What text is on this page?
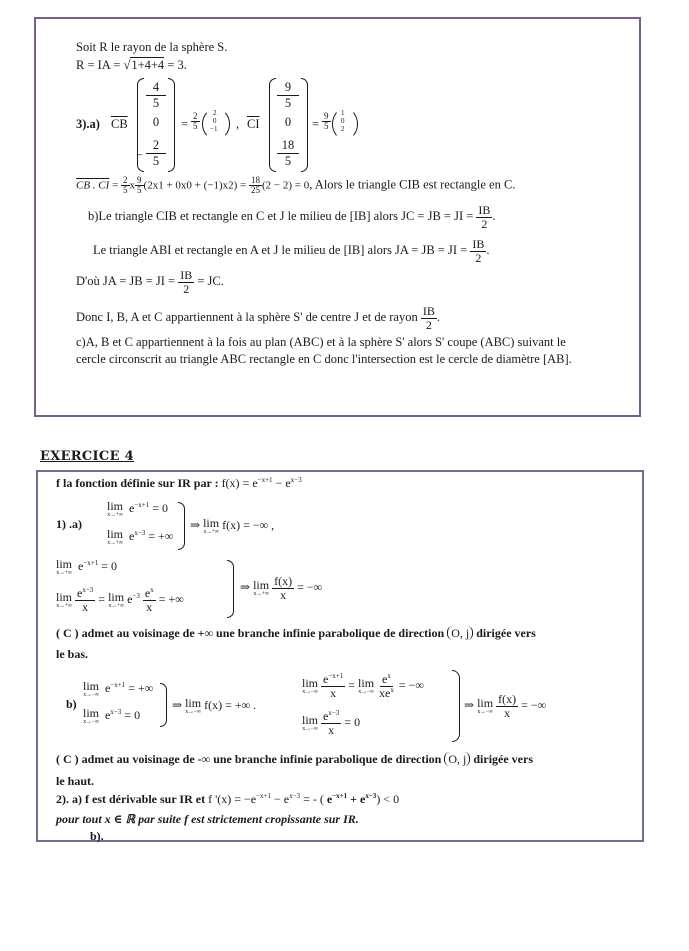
Soit R le rayon de la sphère S.
R = IA = √1+4+4 = 3.
3).a) $\overline{CB}$
4
5
0
− $\frac{2}{5}$
= $\frac{2}{5} 2$
0
−1 , $\overline{CI}$
9
5
0
$\frac{18}{5}$
= $\frac{9}{5} 1$
0
2
CB . CI = $\frac{2}{5}$ x $\frac{9}{5} (2x1 + 0x0 + (-1)x2) = \frac{18}{25} (2 - 2) = 0$, Alors le triangle CIB est rectangle en C.
b)Le triangle CIB et rectangle en C et J le milieu de [IB] alors JC = JB = JI = $\frac{IB}{2}$ .
Le triangle ABI et rectangle en A et J le milieu de [IB] alors JA = JB = JI = $\frac{IB}{2}$ .
D'où JA = JB = JI = $\frac{IB}{2}$ = JC.
Donc I, B, A et C appartiennent à la sphère S' de centre J et de rayon $\frac{IB}{2}$ .
c)A, B et C appartiennent à la fois au plan (ABC) et à la sphère S' alors S' coupe (ABC) suivant le
cercle circonscrit au triangle ABC rectangle en C donc l'intersection est le cercle de diamètre [AB].
EXERCICE 4
f la fonction définie sur IR par : $f(x) = e^{-x+1} - e^{x-3}$
1) .a)
lim
x→+∞
$e^{-x+1} = 0$
lim
x→+∞
$e^{x-3}$ = +∞
⇒ lim
x→+∞
f(x) = −∞ ,
lim
x→+∞
$e^{-x+1} = 0$
lim
x→+∞
$\frac{e^{x-3}}{x} = \lim$
x→+∞
$e^{-3} \frac{e^x}{x}$ = +∞
⇒ lim
x→+∞
$\frac{f(x)}{x}$ = −∞
( C ) admet au voisinage de +∞ une branche infinie parabolique de direction O, j dirigée vers
le bas.
b)
lim
x→−∞
$e^{-x+1}$ = +∞
lim
x→−∞
$e^{x-3} = 0$
⇒ lim
x→−∞
f(x) = +∞ .
lim
x→−∞
$\frac{e^{-x+1}}{x} = \lim$
x→−∞
$\frac{e^x}{xe^x}$ = −∞
lim
x→−∞
$\frac{e^{x-3}}{x} = 0$
⇒ lim
x→−∞
$\frac{f(x)}{x}$ = −∞
( C ) admet au voisinage de -∞ une branche infinie parabolique de direction O, j dirigée vers
le haut.
2). a) f est dérivable sur IR et f '$(x) = -e^{-x+1} - e^{x-3}$ = - ( $e^{-x+1} + e^{x-3}) < 0$
pour tout x ∈ ℝ par suite f est strictement cropissante sur IR.
b).
